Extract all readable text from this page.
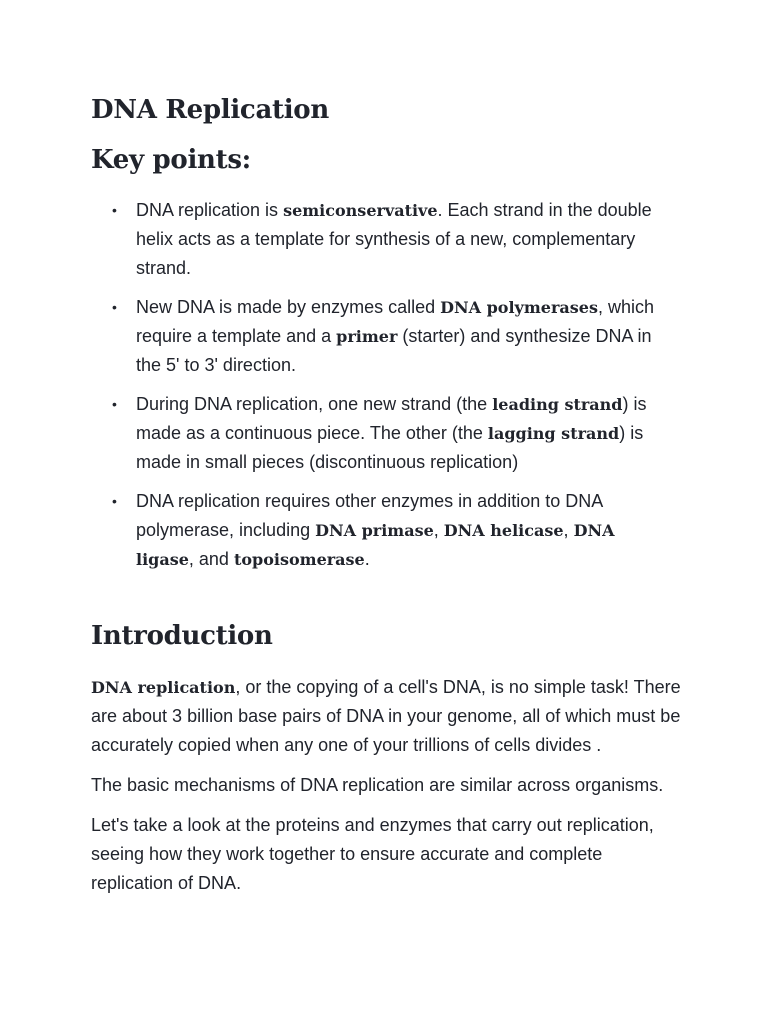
DNA Replication
Key points:
• DNA replication is semiconservative. Each strand in the double helix acts as a template for synthesis of a new, complementary strand.
• New DNA is made by enzymes called DNA polymerases, which require a template and a primer (starter) and synthesize DNA in the 5' to 3' direction.
• During DNA replication, one new strand (the leading strand) is made as a continuous piece. The other (the lagging strand) is made in small pieces (discontinuous replication)
• DNA replication requires other enzymes in addition to DNA polymerase, including DNA primase, DNA helicase, DNA ligase, and topoisomerase.
Introduction

DNA replication, or the copying of a cell's DNA, is no simple task! There are about 3 billion base pairs of DNA in your genome, all of which must be accurately copied when any one of your trillions of cells divides .

The basic mechanisms of DNA replication are similar across organisms.

Let's take a look at the proteins and enzymes that carry out replication, seeing how they work together to ensure accurate and complete replication of DNA.
